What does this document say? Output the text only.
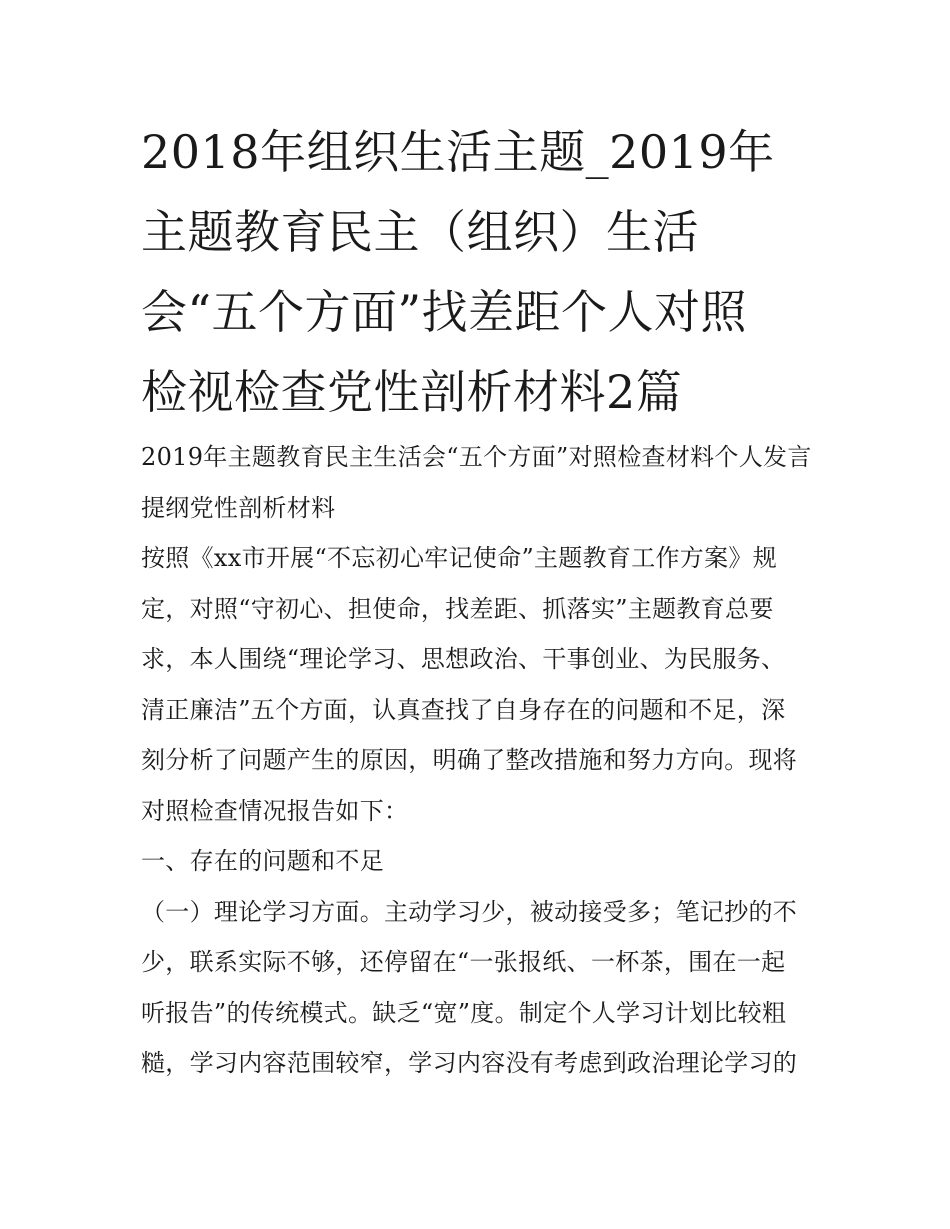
2018年组织生活主题_2019年
主题教育民主（组织）生活
会“五个方面”找差距个人对照
检视检查党性剖析材料2篇
2019年主题教育民主生活会“五个方面”对照检查材料个人发言
提纲党性剖析材料
按照《xx市开展“不忘初心牢记使命”主题教育工作方案》规
定，对照“守初心、担使命，找差距、抓落实”主题教育总要
求，本人围绕“理论学习、思想政治、干事创业、为民服务、
清正廉洁”五个方面，认真查找了自身存在的问题和不足，深
刻分析了问题产生的原因，明确了整改措施和努力方向。现将
对照检查情况报告如下：
一、存在的问题和不足
（一）理论学习方面。主动学习少，被动接受多；笔记抄的不
少，联系实际不够，还停留在“一张报纸、一杯茶，围在一起
听报告”的传统模式。缺乏“宽”度。制定个人学习计划比较粗
糙，学习内容范围较窄，学习内容没有考虑到政治理论学习的
